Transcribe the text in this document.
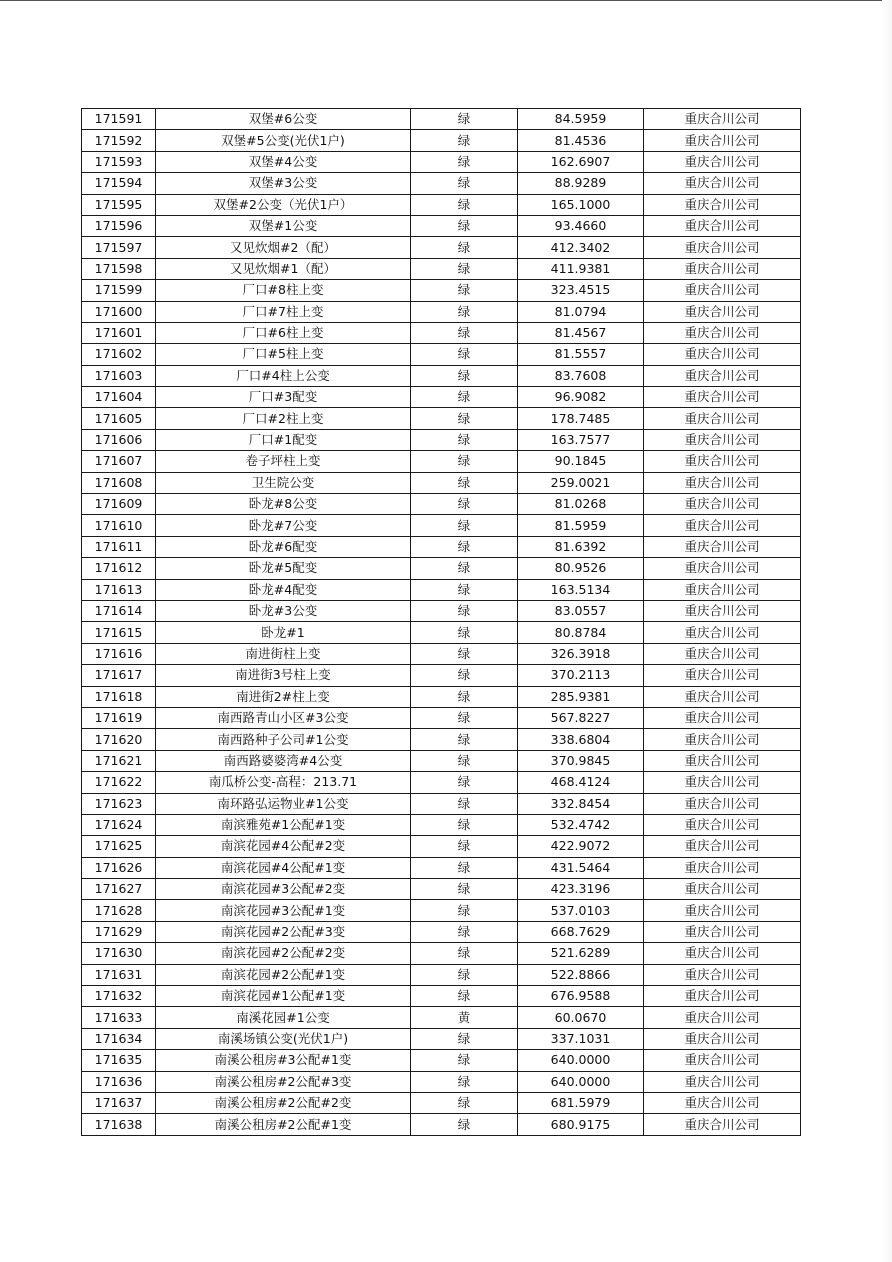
171591	双堡#6公变	绿	84.5959	重庆合川公司
171592	双堡#5公变(光伏1户)	绿	81.4536	重庆合川公司
171593	双堡#4公变	绿	162.6907	重庆合川公司
171594	双堡#3公变	绿	88.9289	重庆合川公司
171595	双堡#2公变（光伏1户）	绿	165.1000	重庆合川公司
171596	双堡#1公变	绿	93.4660	重庆合川公司
171597	又见炊烟#2（配）	绿	412.3402	重庆合川公司
171598	又见炊烟#1（配）	绿	411.9381	重庆合川公司
171599	厂口#8柱上变	绿	323.4515	重庆合川公司
171600	厂口#7柱上变	绿	81.0794	重庆合川公司
171601	厂口#6柱上变	绿	81.4567	重庆合川公司
171602	厂口#5柱上变	绿	81.5557	重庆合川公司
171603	厂口#4柱上公变	绿	83.7608	重庆合川公司
171604	厂口#3配变	绿	96.9082	重庆合川公司
171605	厂口#2柱上变	绿	178.7485	重庆合川公司
171606	厂口#1配变	绿	163.7577	重庆合川公司
171607	卷子坪柱上变	绿	90.1845	重庆合川公司
171608	卫生院公变	绿	259.0021	重庆合川公司
171609	卧龙#8公变	绿	81.0268	重庆合川公司
171610	卧龙#7公变	绿	81.5959	重庆合川公司
171611	卧龙#6配变	绿	81.6392	重庆合川公司
171612	卧龙#5配变	绿	80.9526	重庆合川公司
171613	卧龙#4配变	绿	163.5134	重庆合川公司
171614	卧龙#3公变	绿	83.0557	重庆合川公司
171615	卧龙#1	绿	80.8784	重庆合川公司
171616	南进街柱上变	绿	326.3918	重庆合川公司
171617	南进街3号柱上变	绿	370.2113	重庆合川公司
171618	南进街2#柱上变	绿	285.9381	重庆合川公司
171619	南西路青山小区#3公变	绿	567.8227	重庆合川公司
171620	南西路种子公司#1公变	绿	338.6804	重庆合川公司
171621	南西路婆婆湾#4公变	绿	370.9845	重庆合川公司
171622	南瓜桥公变-高程：213.71	绿	468.4124	重庆合川公司
171623	南环路弘运物业#1公变	绿	332.8454	重庆合川公司
171624	南滨雅苑#1公配#1变	绿	532.4742	重庆合川公司
171625	南滨花园#4公配#2变	绿	422.9072	重庆合川公司
171626	南滨花园#4公配#1变	绿	431.5464	重庆合川公司
171627	南滨花园#3公配#2变	绿	423.3196	重庆合川公司
171628	南滨花园#3公配#1变	绿	537.0103	重庆合川公司
171629	南滨花园#2公配#3变	绿	668.7629	重庆合川公司
171630	南滨花园#2公配#2变	绿	521.6289	重庆合川公司
171631	南滨花园#2公配#1变	绿	522.8866	重庆合川公司
171632	南滨花园#1公配#1变	绿	676.9588	重庆合川公司
171633	南溪花园#1公变	黄	60.0670	重庆合川公司
171634	南溪场镇公变(光伏1户)	绿	337.1031	重庆合川公司
171635	南溪公租房#3公配#1变	绿	640.0000	重庆合川公司
171636	南溪公租房#2公配#3变	绿	640.0000	重庆合川公司
171637	南溪公租房#2公配#2变	绿	681.5979	重庆合川公司
171638	南溪公租房#2公配#1变	绿	680.9175	重庆合川公司
